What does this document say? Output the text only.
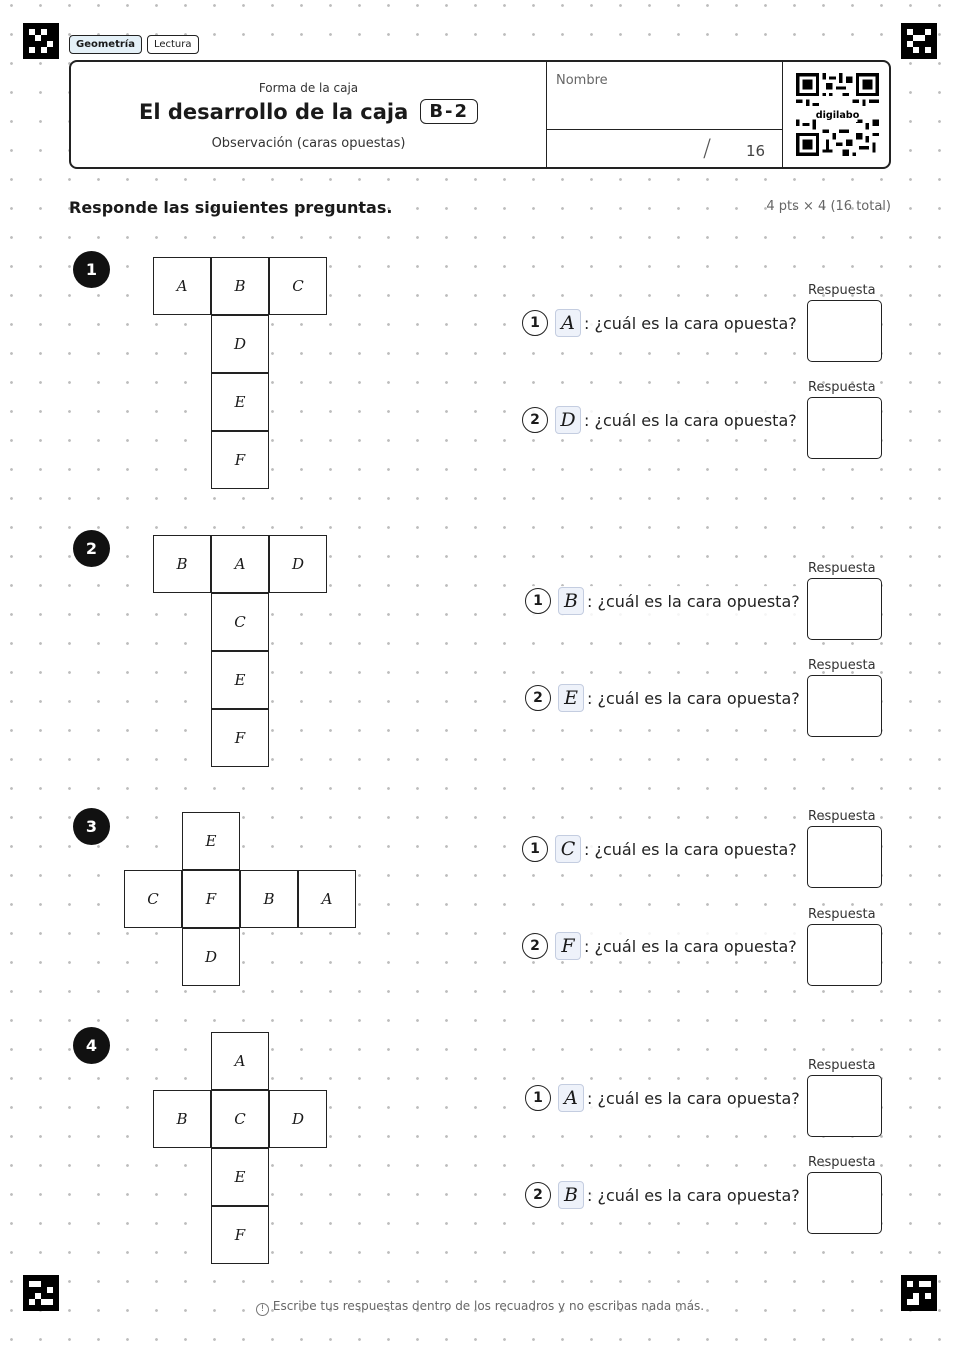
Geometría	Lectura
Forma de la caja
El desarrollo de la caja	B-2
Observación (caras opuestas)
Nombre
/ 16
digilabo
Responde las siguientes preguntas.	4 pts × 4 (16 total)
1
A	B	C
D
E
F
1	A : ¿cuál es la cara opuesta?
Respuesta
2	D : ¿cuál es la cara opuesta?
Respuesta
2
B	A	D
C
E
F
1	B : ¿cuál es la cara opuesta?
Respuesta
2	E : ¿cuál es la cara opuesta?
Respuesta
3
E
C	F	B	A
D
1	C : ¿cuál es la cara opuesta?
Respuesta
2	F : ¿cuál es la cara opuesta?
Respuesta
4
A
B	C	D
E
F
1	A : ¿cuál es la cara opuesta?
Respuesta
2	B : ¿cuál es la cara opuesta?
Respuesta
! Escribe tus respuestas dentro de los recuadros y no escribas nada más.
